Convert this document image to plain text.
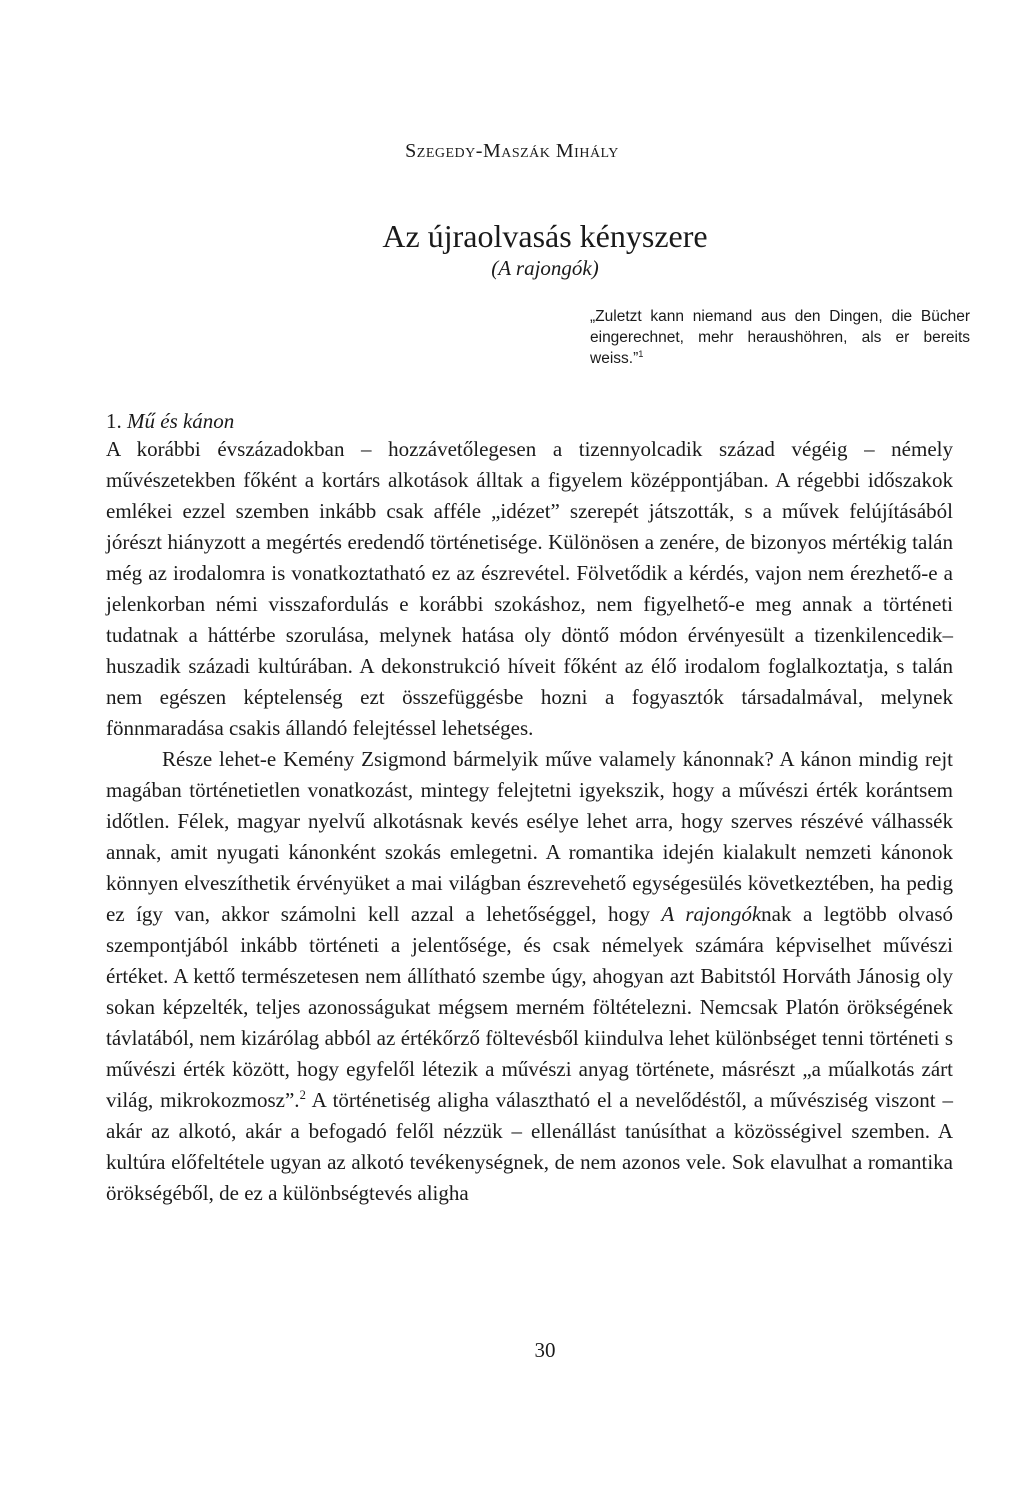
Szegedy-Maszák Mihály
Az újraolvasás kényszere
(A rajongók)
„Zuletzt kann niemand aus den Dingen, die Bücher eingerechnet, mehr heraushöhren, als er bereits weiss.”$^1$
1. Mű és kánon

A korábbi évszázadokban – hozzávetőlegesen a tizennyolcadik század végéig – némely művészetekben főként a kortárs alkotások álltak a figyelem középpontjában. A régebbi időszakok emlékei ezzel szemben inkább csak afféle „idézet” szerepét játszották, s a művek felújításából jórészt hiányzott a megértés eredendő történetisége. Különösen a zenére, de bizonyos mértékig talán még az irodalomra is vonatkoztatható ez az észrevétel. Fölvetődik a kérdés, vajon nem érezhető-e a jelenkorban némi visszafordulás e korábbi szokáshoz, nem figyelhető-e meg annak a történeti tudatnak a háttérbe szorulása, melynek hatása oly döntő módon érvényesült a tizenkilencedik–huszadik századi kultúrában. A dekonstrukció híveit főként az élő irodalom foglalkoztatja, s talán nem egészen képtelenség ezt összefüggésbe hozni a fogyasztók társadalmával, melynek fönnmaradása csakis állandó felejtéssel lehetséges.

Része lehet-e Kemény Zsigmond bármelyik műve valamely kánonnak? A kánon mindig rejt magában történetietlen vonatkozást, mintegy felejtetni igyekszik, hogy a művészi érték korántsem időtlen. Félek, magyar nyelvű alkotásnak kevés esélye lehet arra, hogy szerves részévé válhassék annak, amit nyugati kánonként szokás emlegetni. A romantika idején kialakult nemzeti kánonok könnyen elveszíthetik érvényüket a mai világban észrevehető egységesülés következtében, ha pedig ez így van, akkor számolni kell azzal a lehetőséggel, hogy A rajongóknak a legtöbb olvasó szempontjából inkább történeti a jelentősége, és csak némelyek számára képviselhet művészi értéket. A kettő természetesen nem állítható szembe úgy, ahogyan azt Babitstól Horváth Jánosig oly sokan képzelték, teljes azonosságukat mégsem merném föltételezni. Nemcsak Platón örökségének távlatából, nem kizárólag abból az értékőrző föltevésből kiindulva lehet különbséget tenni történeti s művészi érték között, hogy egyfelől létezik a művészi anyag története, másrészt „a műalkotás zárt világ, mikrokozmosz”.$^2$ A történetiség aligha választható el a nevelődéstől, a művésziség viszont – akár az alkotó, akár a befogadó felől nézzük – ellenállást tanúsíthat a közösségivel szemben. A kultúra előfeltétele ugyan az alkotó tevékenységnek, de nem azonos vele. Sok elavulhat a romantika örökségéből, de ez a különbségtevés aligha

30
